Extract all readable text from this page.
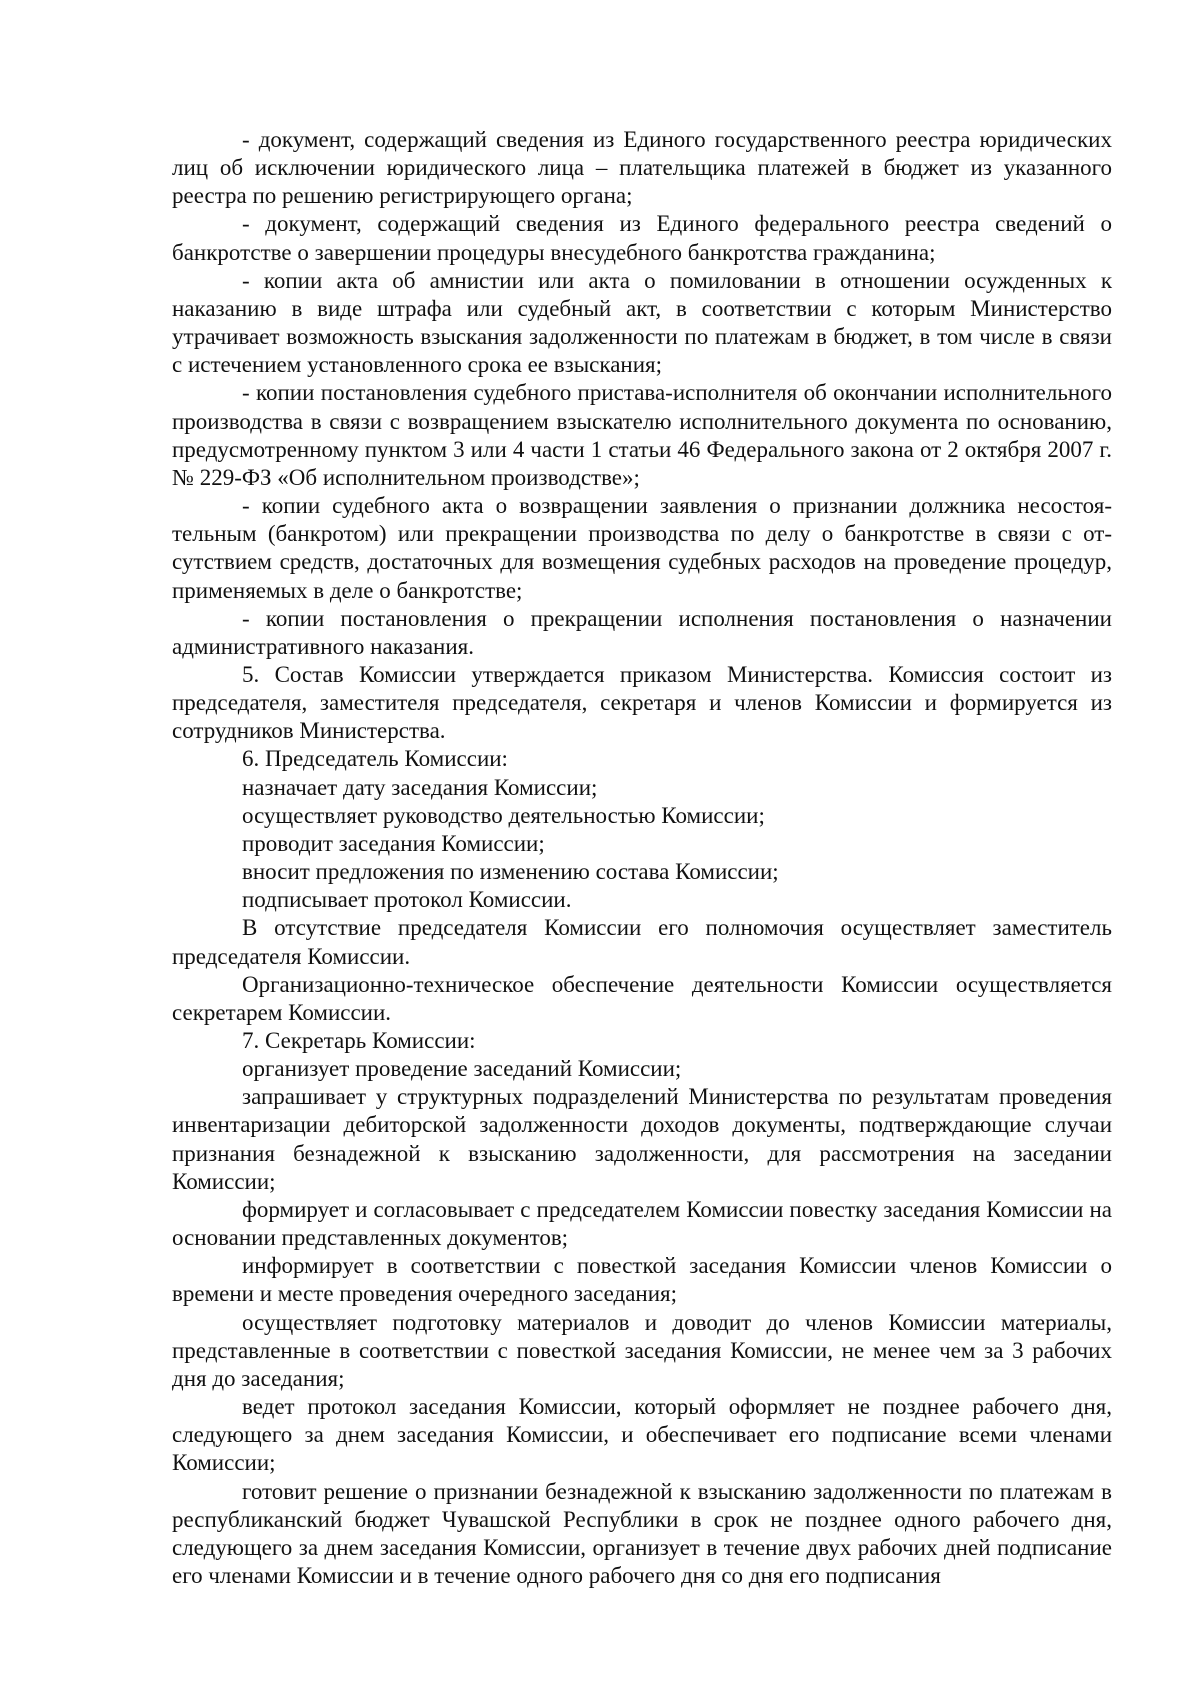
- документ, содержащий сведения из Единого государственного реестра юридических лиц об исключении юридического лица – плательщика платежей в бюджет из указанного реестра по решению регистрирующего органа;

- документ, содержащий сведения из Единого федерального реестра сведений о банкротстве о завершении процедуры внесудебного банкротства гражданина;

- копии акта об амнистии или акта о помиловании в отношении осужденных к наказанию в виде штрафа или судебный акт, в соответствии с которым Министерство утрачивает возможность взыскания задолженности по платежам в бюджет, в том числе в связи с истечением установленного срока ее взыскания;

- копии постановления судебного пристава-исполнителя об окончании исполнительного производства в связи с возвращением взыскателю исполнительного документа по основанию, предусмотренному пунктом 3 или 4 части 1 статьи 46 Федерального закона от 2 октября 2007 г. № 229-ФЗ «Об исполнительном производстве»;

- копии судебного акта о возвращении заявления о признании должника несостоятельным (банкротом) или прекращении производства по делу о банкротстве в связи с отсутствием средств, достаточных для возмещения судебных расходов на проведение процедур, применяемых в деле о банкротстве;

- копии постановления о прекращении исполнения постановления о назначении административного наказания.

5. Состав Комиссии утверждается приказом Министерства. Комиссия состоит из председателя, заместителя председателя, секретаря и членов Комиссии и формируется из сотрудников Министерства.

6. Председатель Комиссии:

назначает дату заседания Комиссии;

осуществляет руководство деятельностью Комиссии;

проводит заседания Комиссии;

вносит предложения по изменению состава Комиссии;

подписывает протокол Комиссии.

В отсутствие председателя Комиссии его полномочия осуществляет заместитель председателя Комиссии.

Организационно-техническое обеспечение деятельности Комиссии осуществляется секретарем Комиссии.

7. Секретарь Комиссии:

организует проведение заседаний Комиссии;

запрашивает у структурных подразделений Министерства по результатам проведения инвентаризации дебиторской задолженности доходов документы, подтверждающие случаи признания безнадежной к взысканию задолженности, для рассмотрения на заседании Комиссии;

формирует и согласовывает с председателем Комиссии повестку заседания Комиссии на основании представленных документов;

информирует в соответствии с повесткой заседания Комиссии членов Комиссии о времени и месте проведения очередного заседания;

осуществляет подготовку материалов и доводит до членов Комиссии материалы, представленные в соответствии с повесткой заседания Комиссии, не менее чем за 3 рабочих дня до заседания;

ведет протокол заседания Комиссии, который оформляет не позднее рабочего дня, следующего за днем заседания Комиссии, и обеспечивает его подписание всеми членами Комиссии;

готовит решение о признании безнадежной к взысканию задолженности по платежам в республиканский бюджет Чувашской Республики в срок не позднее одного рабочего дня, следующего за днем заседания Комиссии, организует в течение двух рабочих дней подписание его членами Комиссии и в течение одного рабочего дня со дня его подписания
